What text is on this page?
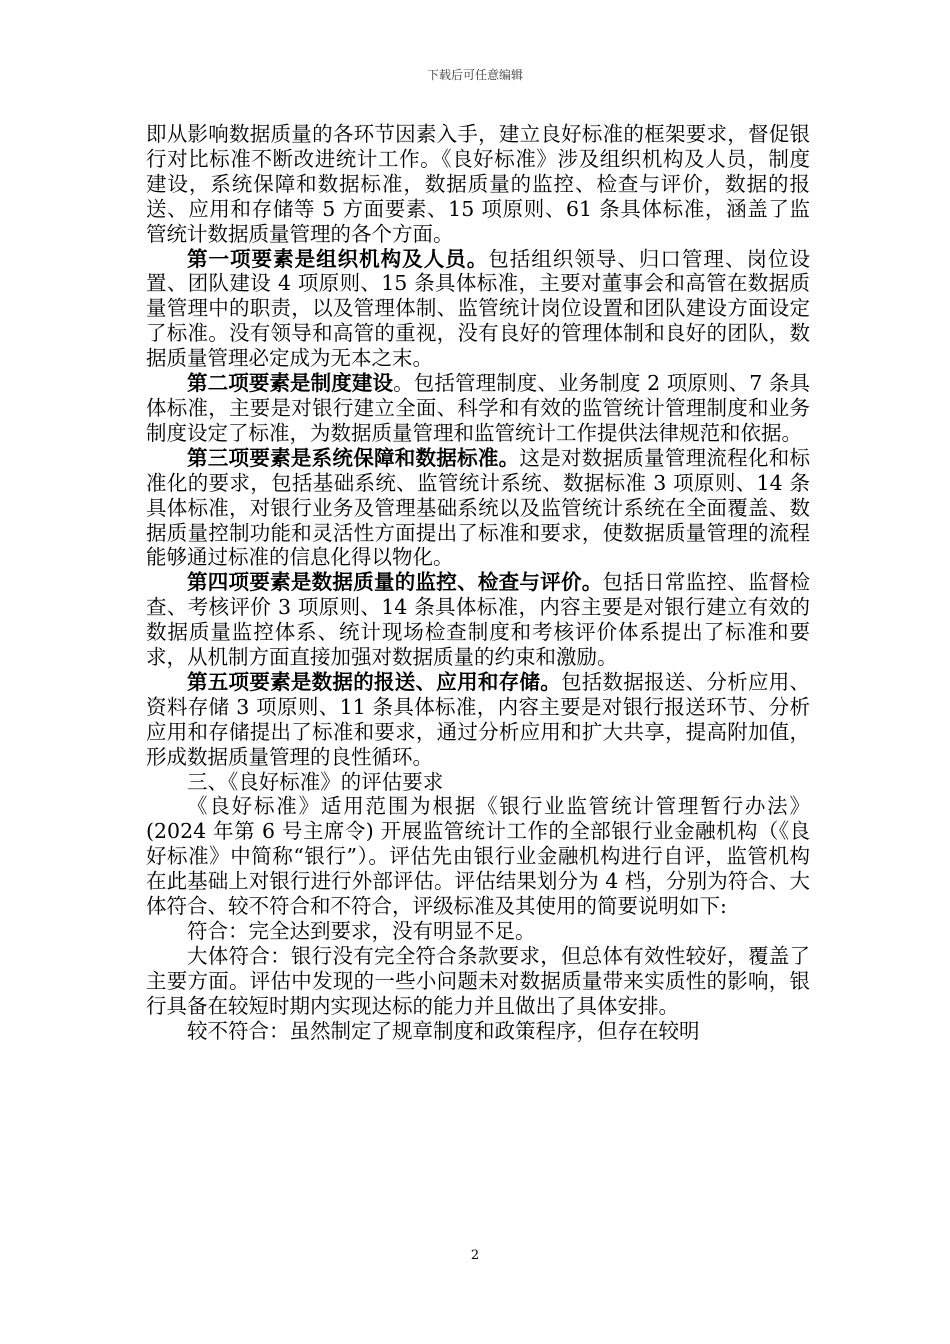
下载后可任意编辑

即从影响数据质量的各环节因素入手，建立良好标准的框架要求，督促银行对比标准不断改进统计工作。《良好标准》涉及组织机构及人员，制度建设，系统保障和数据标准，数据质量的监控、检查与评价，数据的报送、应用和存储等 5 方面要素、15 项原则、61 条具体标准，涵盖了监管统计数据质量管理的各个方面。

第一项要素是组织机构及人员。包括组织领导、归口管理、岗位设置、团队建设 4 项原则、15 条具体标准，主要对董事会和高管在数据质量管理中的职责，以及管理体制、监管统计岗位设置和团队建设方面设定了标准。没有领导和高管的重视，没有良好的管理体制和良好的团队，数据质量管理必定成为无本之末。

第二项要素是制度建设。包括管理制度、业务制度 2 项原则、7 条具体标准，主要是对银行建立全面、科学和有效的监管统计管理制度和业务制度设定了标准，为数据质量管理和监管统计工作提供法律规范和依据。

第三项要素是系统保障和数据标准。这是对数据质量管理流程化和标准化的要求，包括基础系统、监管统计系统、数据标准 3 项原则、14 条具体标准，对银行业务及管理基础系统以及监管统计系统在全面覆盖、数据质量控制功能和灵活性方面提出了标准和要求，使数据质量管理的流程能够通过标准的信息化得以物化。

第四项要素是数据质量的监控、检查与评价。包括日常监控、监督检查、考核评价 3 项原则、14 条具体标准，内容主要是对银行建立有效的数据质量监控体系、统计现场检查制度和考核评价体系提出了标准和要求，从机制方面直接加强对数据质量的约束和激励。

第五项要素是数据的报送、应用和存储。包括数据报送、分析应用、资料存储 3 项原则、11 条具体标准，内容主要是对银行报送环节、分析应用和存储提出了标准和要求，通过分析应用和扩大共享，提高附加值，形成数据质量管理的良性循环。

三、《良好标准》的评估要求

《良好标准》适用范围为根据《银行业监管统计管理暂行办法》(2024 年第 6 号主席令) 开展监管统计工作的全部银行业金融机构（《良好标准》中简称“银行”）。评估先由银行业金融机构进行自评，监管机构在此基础上对银行进行外部评估。评估结果划分为 4 档，分别为符合、大体符合、较不符合和不符合，评级标准及其使用的简要说明如下:

符合：完全达到要求，没有明显不足。

大体符合：银行没有完全符合条款要求，但总体有效性较好，覆盖了主要方面。评估中发现的一些小问题未对数据质量带来实质性的影响，银行具备在较短时期内实现达标的能力并且做出了具体安排。

较不符合：虽然制定了规章制度和政策程序，但存在较明

2
